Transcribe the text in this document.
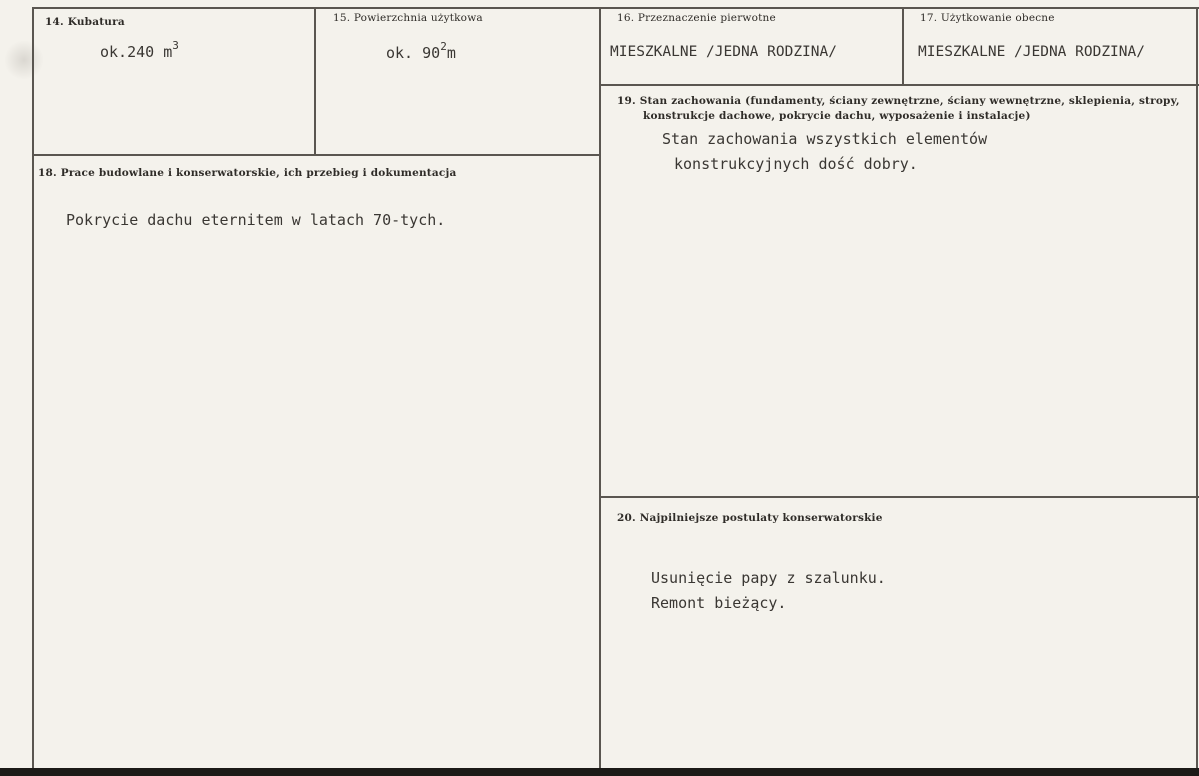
14. Kubatura
ok.240 $m^3$
15. Powierzchnia użytkowa
ok. $90^2m$
16. Przeznaczenie pierwotne
MIESZKALNE /JEDNA RODZINA/
17. Użytkowanie obecne
MIESZKALNE /JEDNA RODZINA/
18. Prace budowlane i konserwatorskie, ich przebieg i dokumentacja
Pokrycie dachu eternitem w latach 70-tych.
19. Stan zachowania (fundamenty, ściany zewnętrzne, ściany wewnętrzne, sklepienia, stropy,
konstrukcje dachowe, pokrycie dachu, wyposażenie i instalacje)
Stan zachowania wszystkich elementów
konstrukcyjnych dość dobry.
20. Najpilniejsze postulaty konserwatorskie
Usunięcie papy z szalunku.
Remont bieżący.
